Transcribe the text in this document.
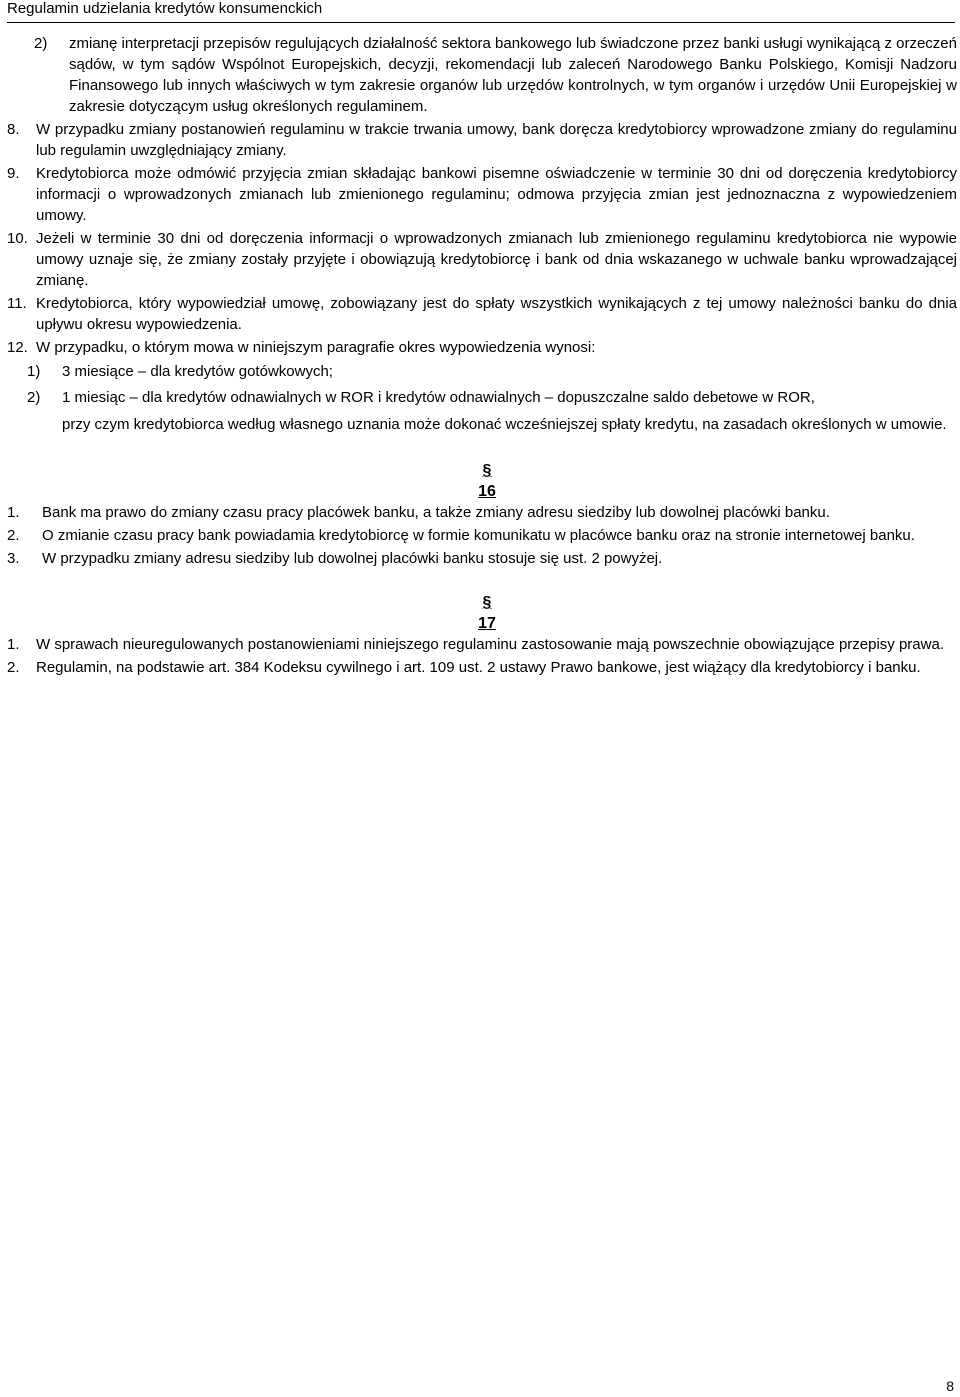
Regulamin udzielania kredytów konsumenckich
2)	zmianę interpretacji przepisów regulujących działalność sektora bankowego lub świadczone przez banki usługi wynikającą z orzeczeń sądów, w tym sądów Wspólnot Europejskich, decyzji, rekomendacji lub zaleceń Narodowego Banku Polskiego, Komisji Nadzoru Finansowego lub innych właściwych w tym zakresie organów lub urzędów kontrolnych, w tym organów i urzędów Unii Europejskiej w zakresie dotyczącym usług określonych regulaminem.
8.	W przypadku zmiany postanowień regulaminu w trakcie trwania umowy, bank doręcza kredytobiorcy wprowadzone zmiany do regulaminu lub regulamin uwzględniający zmiany.
9.	Kredytobiorca może odmówić przyjęcia zmian składając bankowi pisemne oświadczenie w terminie 30 dni od doręczenia kredytobiorcy informacji o wprowadzonych zmianach lub zmienionego regulaminu; odmowa przyjęcia zmian jest jednoznaczna z wypowiedzeniem umowy.
10. Jeżeli w terminie 30 dni od doręczenia informacji o wprowadzonych zmianach lub zmienionego regulaminu kredytobiorca nie wypowie umowy uznaje się, że zmiany zostały przyjęte i obowiązują kredytobiorcę i bank od dnia wskazanego w uchwale banku wprowadzającej zmianę.
11. Kredytobiorca, który wypowiedział umowę, zobowiązany jest do spłaty wszystkich wynikających z tej umowy należności banku do dnia upływu okresu wypowiedzenia.
12. W przypadku, o którym mowa w niniejszym paragrafie okres wypowiedzenia wynosi:
1)	3 miesiące – dla kredytów gotówkowych;
2)	1 miesiąc – dla kredytów odnawialnych w ROR i kredytów odnawialnych – dopuszczalne saldo debetowe w ROR,
przy czym kredytobiorca według własnego uznania może dokonać wcześniejszej spłaty kredytu, na zasadach określonych w umowie.
§
16
1.	Bank ma prawo do zmiany czasu pracy placówek banku, a także zmiany adresu siedziby lub dowolnej placówki banku.
2.	O zmianie czasu pracy bank powiadamia kredytobiorcę w formie komunikatu w placówce banku oraz na stronie internetowej banku.
3.	W przypadku zmiany adresu siedziby lub dowolnej placówki banku stosuje się ust. 2 powyżej.
§
17
1.	W sprawach nieuregulowanych postanowieniami niniejszego regulaminu zastosowanie mają powszechnie obowiązujące przepisy prawa.
2.	Regulamin, na podstawie art. 384 Kodeksu cywilnego i art. 109 ust. 2 ustawy Prawo bankowe, jest wiążący dla kredytobiorcy i banku.
8
